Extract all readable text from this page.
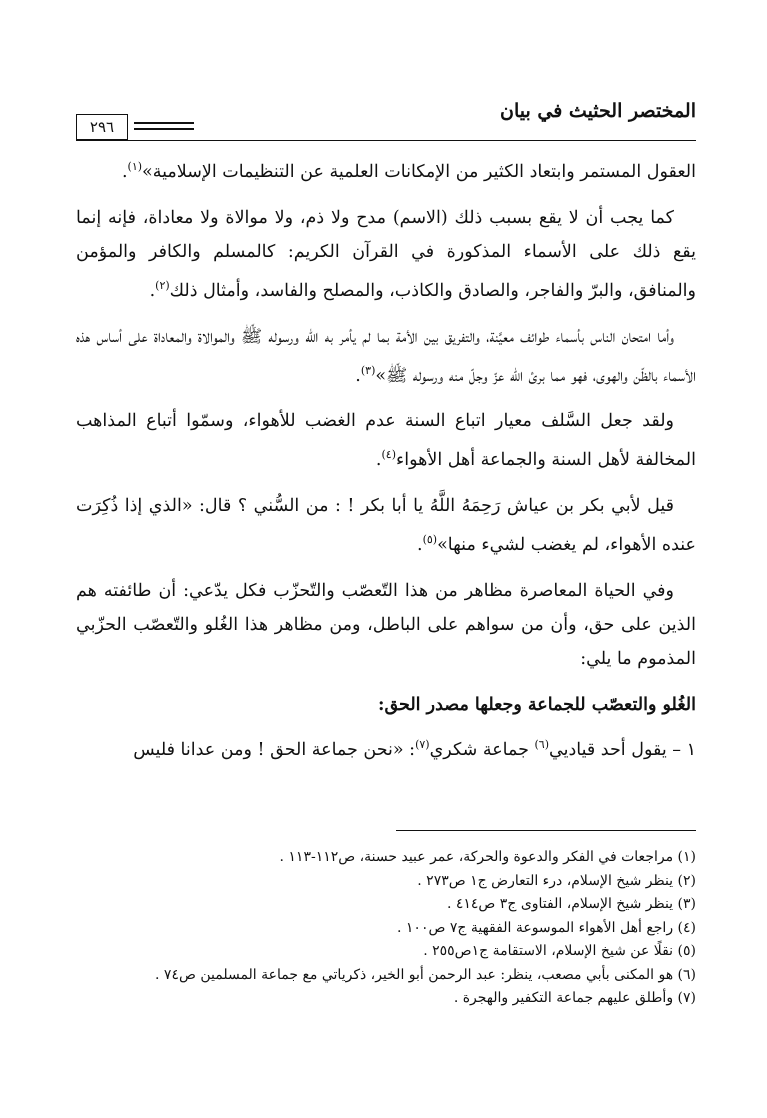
المختصر الحثيث في بيان
٢٩٦

العقول المستمر وابتعاد الكثير من الإمكانات العلمية عن التنظيمات الإسلامية»$^{(١)}$.

كما يجب أن لا يقع بسبب ذلك (الاسم) مدح ولا ذم، ولا موالاة ولا معاداة، فإنه إنما يقع ذلك على الأسماء المذكورة في القرآن الكريم: كالمسلم والكافر والمؤمن والمنافق، والبرّ والفاجر، والصادق والكاذب، والمصلح والفاسد، وأمثال ذلك$^{(٢)}$.

وأما امتحان الناس بأسماء طوائف معيَّنة، والتفريق بين الأمة بما لم يأمر به الله ورسوله ﷺ والموالاة والمعاداة على أساس هذه الأسماء بالظّن والهوى، فهو مما برئ الله عزّ وجلّ منه ورسوله ﷺ»$^{(٣)}$.

ولقد جعل السَّلف معيار اتباع السنة عدم الغضب للأهواء، وسمّوا أتباع المذاهب المخالفة لأهل السنة والجماعة أهل الأهواء$^{(٤)}$.

قيل لأبي بكر بن عياش رَحِمَهُ اللَّهُ يا أبا بكر ! : من السُّني ؟ قال: «الذي إذا ذُكِرَت عنده الأهواء، لم يغضب لشيء منها»$^{(٥)}$.

وفي الحياة المعاصرة مظاهر من هذا التّعصّب والتّحزّب فكل يدّعي: أن طائفته هم الذين على حق، وأن من سواهم على الباطل، ومن مظاهر هذا الغُلو والتّعصّب الحزّبي المذموم ما يلي:

الغُلو والتعصّب للجماعة وجعلها مصدر الحق:

١ – يقول أحد قياديي$^{(٦)}$ جماعة شكري$^{(٧)}$: «نحن جماعة الحق ! ومن عدانا فليس

(١) مراجعات في الفكر والدعوة والحركة، عمر عبيد حسنة، ص١١٢-١١٣ .
(٢) ينظر شيخ الإسلام، درء التعارض ج١ ص٢٧٣ .
(٣) ينظر شيخ الإسلام، الفتاوى ج٣ ص٤١٤ .
(٤) راجع أهل الأهواء الموسوعة الفقهية ج٧ ص١٠٠ .
(٥) نقلًا عن شيخ الإسلام، الاستقامة ج١ص٢٥٥ .
(٦) هو المكنى بأبي مصعب، ينظر: عبد الرحمن أبو الخير، ذكرياتي مع جماعة المسلمين ص٧٤ .
(٧) وأطلق عليهم جماعة التكفير والهجرة .
